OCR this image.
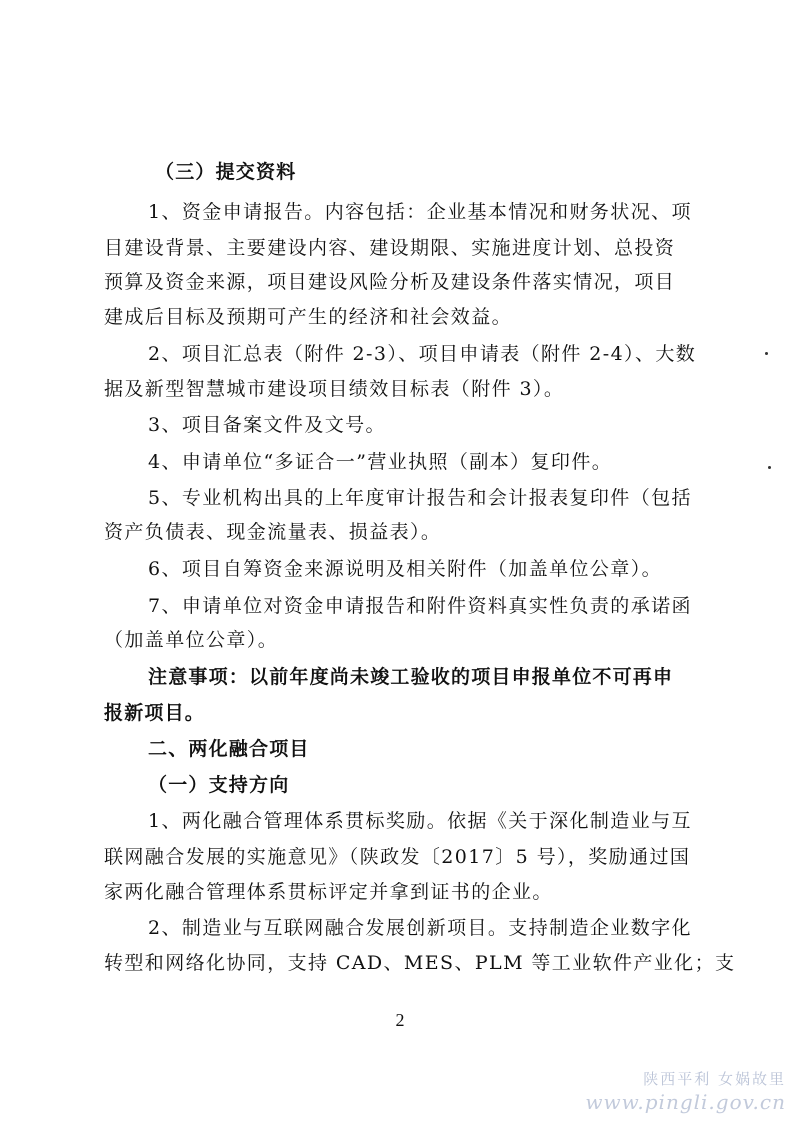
（三）提交资料
1、资金申请报告。内容包括：企业基本情况和财务状况、项
目建设背景、主要建设内容、建设期限、实施进度计划、总投资
预算及资金来源，项目建设风险分析及建设条件落实情况，项目
建成后目标及预期可产生的经济和社会效益。
2、项目汇总表（附件 2-3）、项目申请表（附件 2-4）、大数
据及新型智慧城市建设项目绩效目标表（附件 3）。
3、项目备案文件及文号。
4、申请单位“多证合一”营业执照（副本）复印件。
5、专业机构出具的上年度审计报告和会计报表复印件（包括
资产负债表、现金流量表、损益表）。
6、项目自筹资金来源说明及相关附件（加盖单位公章）。
7、申请单位对资金申请报告和附件资料真实性负责的承诺函
（加盖单位公章）。
注意事项：以前年度尚未竣工验收的项目申报单位不可再申
报新项目。
二、两化融合项目
（一）支持方向
1、两化融合管理体系贯标奖励。依据《关于深化制造业与互
联网融合发展的实施意见》（陕政发〔2017〕5 号），奖励通过国
家两化融合管理体系贯标评定并拿到证书的企业。
2、制造业与互联网融合发展创新项目。支持制造企业数字化
转型和网络化协同，支持 CAD、MES、PLM 等工业软件产业化；支
2
陕西平利 女娲故里
www.pingli.gov.cn
